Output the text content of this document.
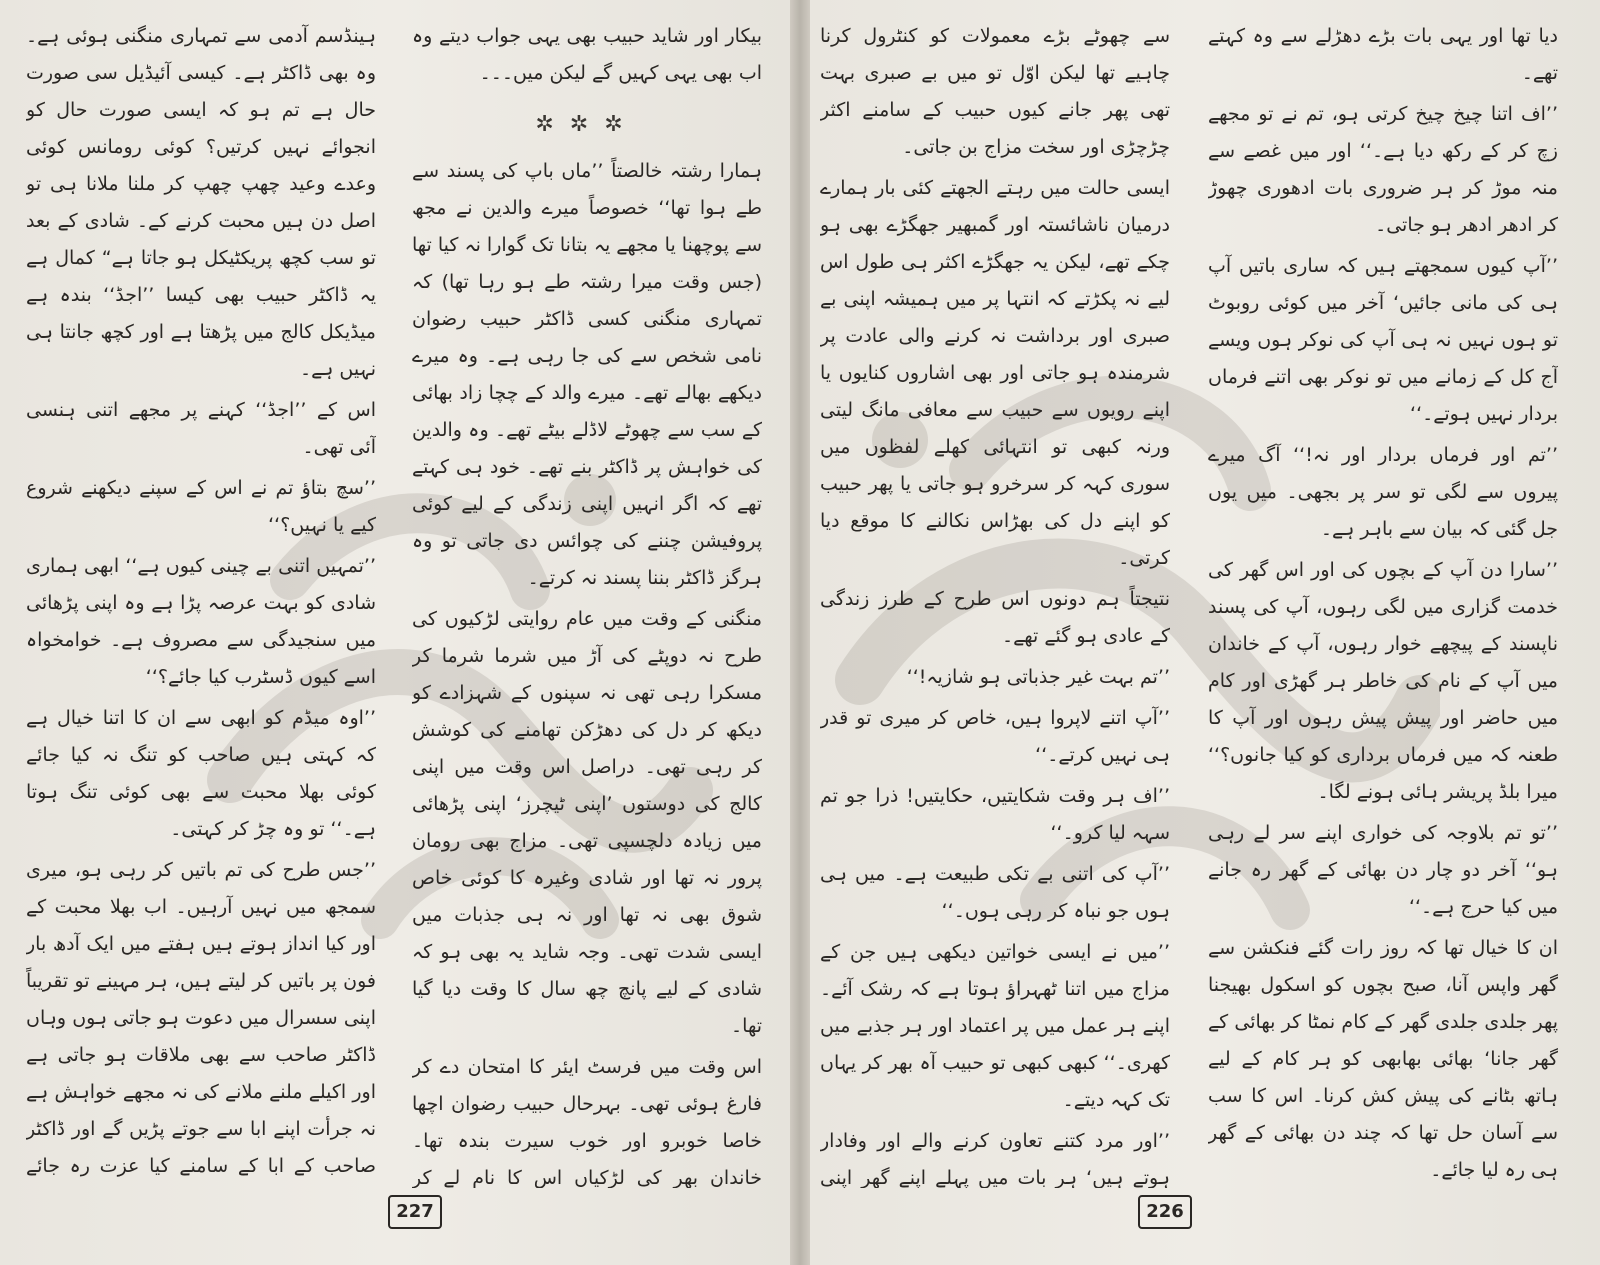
بیکار اور شاید حبیب بھی یہی جواب دیتے وہ اب بھی یہی کہیں گے لیکن میں۔۔۔

✲✲✲

ہمارا رشتہ خالصتاً ’’ماں باپ کی پسند سے طے ہوا تھا‘‘ خصوصاً میرے والدین نے مجھ سے پوچھنا یا مجھے یہ بتانا تک گوارا نہ کیا تھا (جس وقت میرا رشتہ طے ہو رہا تھا) کہ تمہاری منگنی کسی ڈاکٹر حبیب رضوان نامی شخص سے کی جا رہی ہے۔ وہ میرے دیکھے بھالے تھے۔ میرے والد کے چچا زاد بھائی کے سب سے چھوٹے لاڈلے بیٹے تھے۔ وہ والدین کی خواہش پر ڈاکٹر بنے تھے۔ خود ہی کہتے تھے کہ اگر انہیں اپنی زندگی کے لیے کوئی پروفیشن چننے کی چوائس دی جاتی تو وہ ہرگز ڈاکٹر بننا پسند نہ کرتے۔

منگنی کے وقت میں عام روایتی لڑکیوں کی طرح نہ دوپٹے کی آڑ میں شرما شرما کر مسکرا رہی تھی نہ سپنوں کے شہزادے کو دیکھ کر دل کی دھڑکن تھامنے کی کوشش کر رہی تھی۔ دراصل اس وقت میں اپنی کالج کی دوستوں ’اپنی ٹیچرز‘ اپنی پڑھائی میں زیادہ دلچسپی تھی۔ مزاج بھی رومان پرور نہ تھا اور شادی وغیرہ کا کوئی خاص شوق بھی نہ تھا اور نہ ہی جذبات میں ایسی شدت تھی۔ وجہ شاید یہ بھی ہو کہ شادی کے لیے پانچ چھ سال کا وقت دیا گیا تھا۔

اس وقت میں فرسٹ ایئر کا امتحان دے کر فارغ ہوئی تھی۔ بہرحال حبیب رضوان اچھا خاصا خوبرو اور خوب سیرت بندہ تھا۔ خاندان بھر کی لڑکیاں اس کا نام لے کر

ہینڈسم آدمی سے تمہاری منگنی ہوئی ہے۔ وہ بھی ڈاکٹر ہے۔ کیسی آئیڈیل سی صورت حال ہے تم ہو کہ ایسی صورت حال کو انجوائے نہیں کرتیں؟ کوئی رومانس کوئی وعدے وعید چھپ چھپ کر ملنا ملانا ہی تو اصل دن ہیں محبت کرنے کے۔ شادی کے بعد تو سب کچھ پریکٹیکل ہو جاتا ہے“ کمال ہے یہ ڈاکٹر حبیب بھی کیسا ’’اجڈ‘‘ بندہ ہے میڈیکل کالج میں پڑھتا ہے اور کچھ جانتا ہی نہیں ہے۔

اس کے ’’اجڈ‘‘ کہنے پر مجھے اتنی ہنسی آئی تھی۔

’’سچ بتاؤ تم نے اس کے سپنے دیکھنے شروع کیے یا نہیں؟‘‘

’’تمہیں اتنی بے چینی کیوں ہے‘‘ ابھی ہماری شادی کو بہت عرصہ پڑا ہے وہ اپنی پڑھائی میں سنجیدگی سے مصروف ہے۔ خوامخواہ اسے کیوں ڈسٹرب کیا جائے؟‘‘

’’اوہ میڈم کو ابھی سے ان کا اتنا خیال ہے کہ کہتی ہیں صاحب کو تنگ نہ کیا جائے کوئی بھلا محبت سے بھی کوئی تنگ ہوتا ہے۔‘‘ تو وہ چڑ کر کہتی۔

’’جس طرح کی تم باتیں کر رہی ہو، میری سمجھ میں نہیں آرہیں۔ اب بھلا محبت کے اور کیا انداز ہوتے ہیں ہفتے میں ایک آدھ بار فون پر باتیں کر لیتے ہیں، ہر مہینے تو تقریباً اپنی سسرال میں دعوت ہو جاتی ہوں وہاں ڈاکٹر صاحب سے بھی ملاقات ہو جاتی ہے اور اکیلے ملنے ملانے کی نہ مجھے خواہش ہے نہ جرأت اپنے ابا سے جوتے پڑیں گے اور ڈاکٹر صاحب کے ابا کے سامنے کیا عزت رہ جائے

227

دیا تھا اور یہی بات بڑے دھڑلے سے وہ کہتے تھے۔

’’اف اتنا چیخ چیخ کرتی ہو، تم نے تو مجھے زچ کر کے رکھ دیا ہے۔‘‘ اور میں غصے سے منہ موڑ کر ہر ضروری بات ادھوری چھوڑ کر ادھر ادھر ہو جاتی۔

’’آپ کیوں سمجھتے ہیں کہ ساری باتیں آپ ہی کی مانی جائیں‘ آخر میں کوئی روبوٹ تو ہوں نہیں نہ ہی آپ کی نوکر ہوں ویسے آج کل کے زمانے میں تو نوکر بھی اتنے فرماں بردار نہیں ہوتے۔‘‘

’’تم اور فرماں بردار اور نہ!‘‘ آگ میرے پیروں سے لگی تو سر پر بجھی۔ میں یوں جل گئی کہ بیان سے باہر ہے۔

’’سارا دن آپ کے بچوں کی اور اس گھر کی خدمت گزاری میں لگی رہوں، آپ کی پسند ناپسند کے پیچھے خوار رہوں، آپ کے خاندان میں آپ کے نام کی خاطر ہر گھڑی اور کام میں حاضر اور پیش پیش رہوں اور آپ کا طعنہ کہ میں فرماں برداری کو کیا جانوں؟‘‘ میرا بلڈ پریشر ہائی ہونے لگا۔

’’تو تم بلاوجہ کی خواری اپنے سر لے رہی ہو‘‘ آخر دو چار دن بھائی کے گھر رہ جانے میں کیا حرج ہے۔‘‘

ان کا خیال تھا کہ روز رات گئے فنکشن سے گھر واپس آنا، صبح بچوں کو اسکول بھیجنا پھر جلدی جلدی گھر کے کام نمٹا کر بھائی کے گھر جانا‘ بھائی بھابھی کو ہر کام کے لیے ہاتھ بٹانے کی پیش کش کرنا۔ اس کا سب سے آسان حل تھا کہ چند دن بھائی کے گھر ہی رہ لیا جائے۔

سے چھوٹے بڑے معمولات کو کنٹرول کرنا چاہیے تھا لیکن اوّل تو میں بے صبری بہت تھی پھر جانے کیوں حبیب کے سامنے اکثر چڑچڑی اور سخت مزاج بن جاتی۔

ایسی حالت میں رہتے الجھتے کئی بار ہمارے درمیان ناشائستہ اور گمبھیر جھگڑے بھی ہو چکے تھے، لیکن یہ جھگڑے اکثر ہی طول اس لیے نہ پکڑتے کہ انتہا پر میں ہمیشہ اپنی بے صبری اور برداشت نہ کرنے والی عادت پر شرمندہ ہو جاتی اور بھی اشاروں کنایوں یا اپنے رویوں سے حبیب سے معافی مانگ لیتی ورنہ کبھی تو انتہائی کھلے لفظوں میں سوری کہہ کر سرخرو ہو جاتی یا پھر حبیب کو اپنے دل کی بھڑاس نکالنے کا موقع دیا کرتی۔

نتیجتاً ہم دونوں اس طرح کے طرز زندگی کے عادی ہو گئے تھے۔

’’تم بہت غیر جذباتی ہو شازیہ!‘‘

’’آپ اتنے لاپروا ہیں، خاص کر میری تو قدر ہی نہیں کرتے۔‘‘

’’اف ہر وقت شکایتیں، حکایتیں! ذرا جو تم سہہ لیا کرو۔‘‘

’’آپ کی اتنی بے تکی طبیعت ہے۔ میں ہی ہوں جو نباہ کر رہی ہوں۔‘‘

’’میں نے ایسی خواتین دیکھی ہیں جن کے مزاج میں اتنا ٹھہراؤ ہوتا ہے کہ رشک آئے۔ اپنے ہر عمل میں پر اعتماد اور ہر جذبے میں کھری۔‘‘ کبھی کبھی تو حبیب آہ بھر کر یہاں تک کہہ دیتے۔

’’اور مرد کتنے تعاون کرنے والے اور وفادار ہوتے ہیں‘ ہر بات میں پہلے اپنے گھر اپنی

226
